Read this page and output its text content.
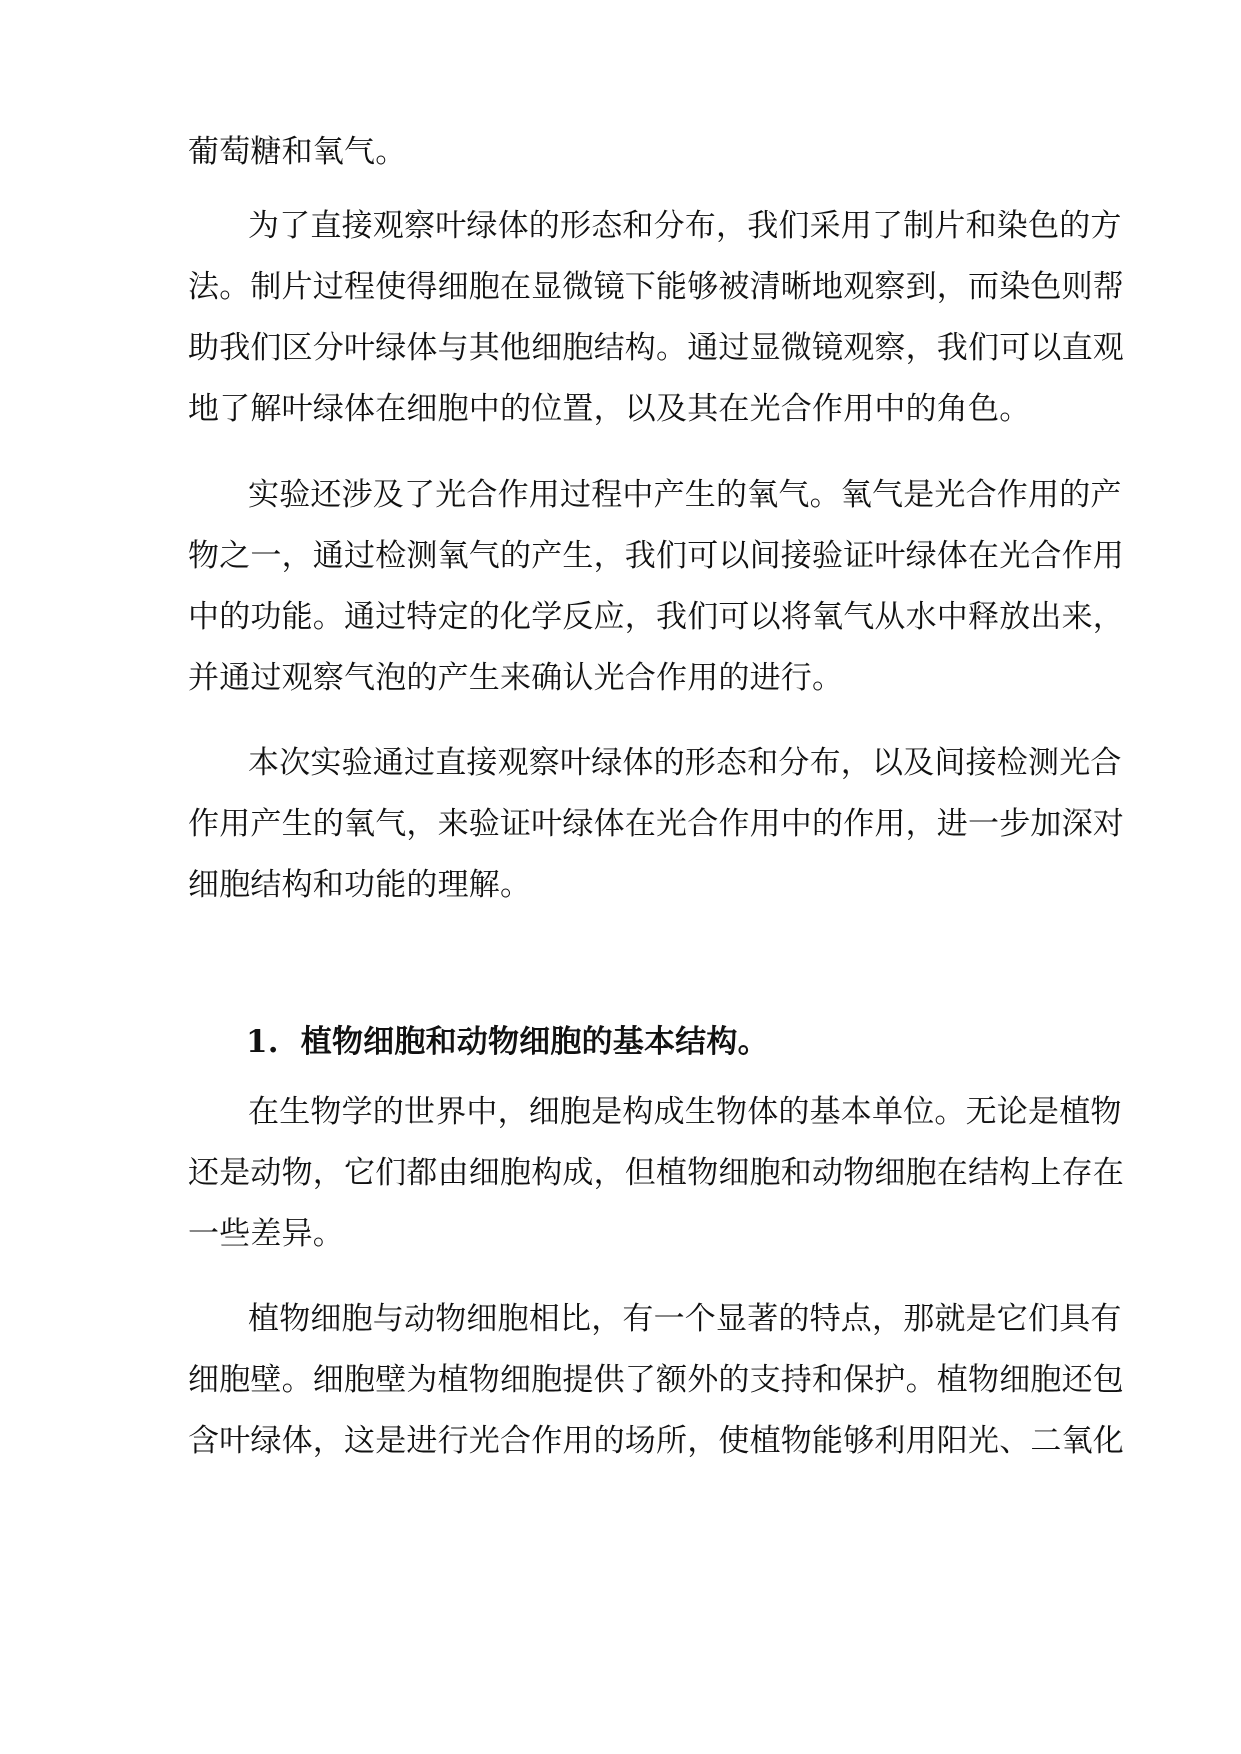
葡萄糖和氧气。
为了直接观察叶绿体的形态和分布，我们采用了制片和染色的方
法。制片过程使得细胞在显微镜下能够被清晰地观察到，而染色则帮
助我们区分叶绿体与其他细胞结构。通过显微镜观察，我们可以直观
地了解叶绿体在细胞中的位置，以及其在光合作用中的角色。
实验还涉及了光合作用过程中产生的氧气。氧气是光合作用的产
物之一，通过检测氧气的产生，我们可以间接验证叶绿体在光合作用
中的功能。通过特定的化学反应，我们可以将氧气从水中释放出来，
并通过观察气泡的产生来确认光合作用的进行。
本次实验通过直接观察叶绿体的形态和分布，以及间接检测光合
作用产生的氧气，来验证叶绿体在光合作用中的作用，进一步加深对
细胞结构和功能的理解。
1. 植物细胞和动物细胞的基本结构。
在生物学的世界中，细胞是构成生物体的基本单位。无论是植物
还是动物，它们都由细胞构成，但植物细胞和动物细胞在结构上存在
一些差异。
植物细胞与动物细胞相比，有一个显著的特点，那就是它们具有
细胞壁。细胞壁为植物细胞提供了额外的支持和保护。植物细胞还包
含叶绿体，这是进行光合作用的场所，使植物能够利用阳光、二氧化
